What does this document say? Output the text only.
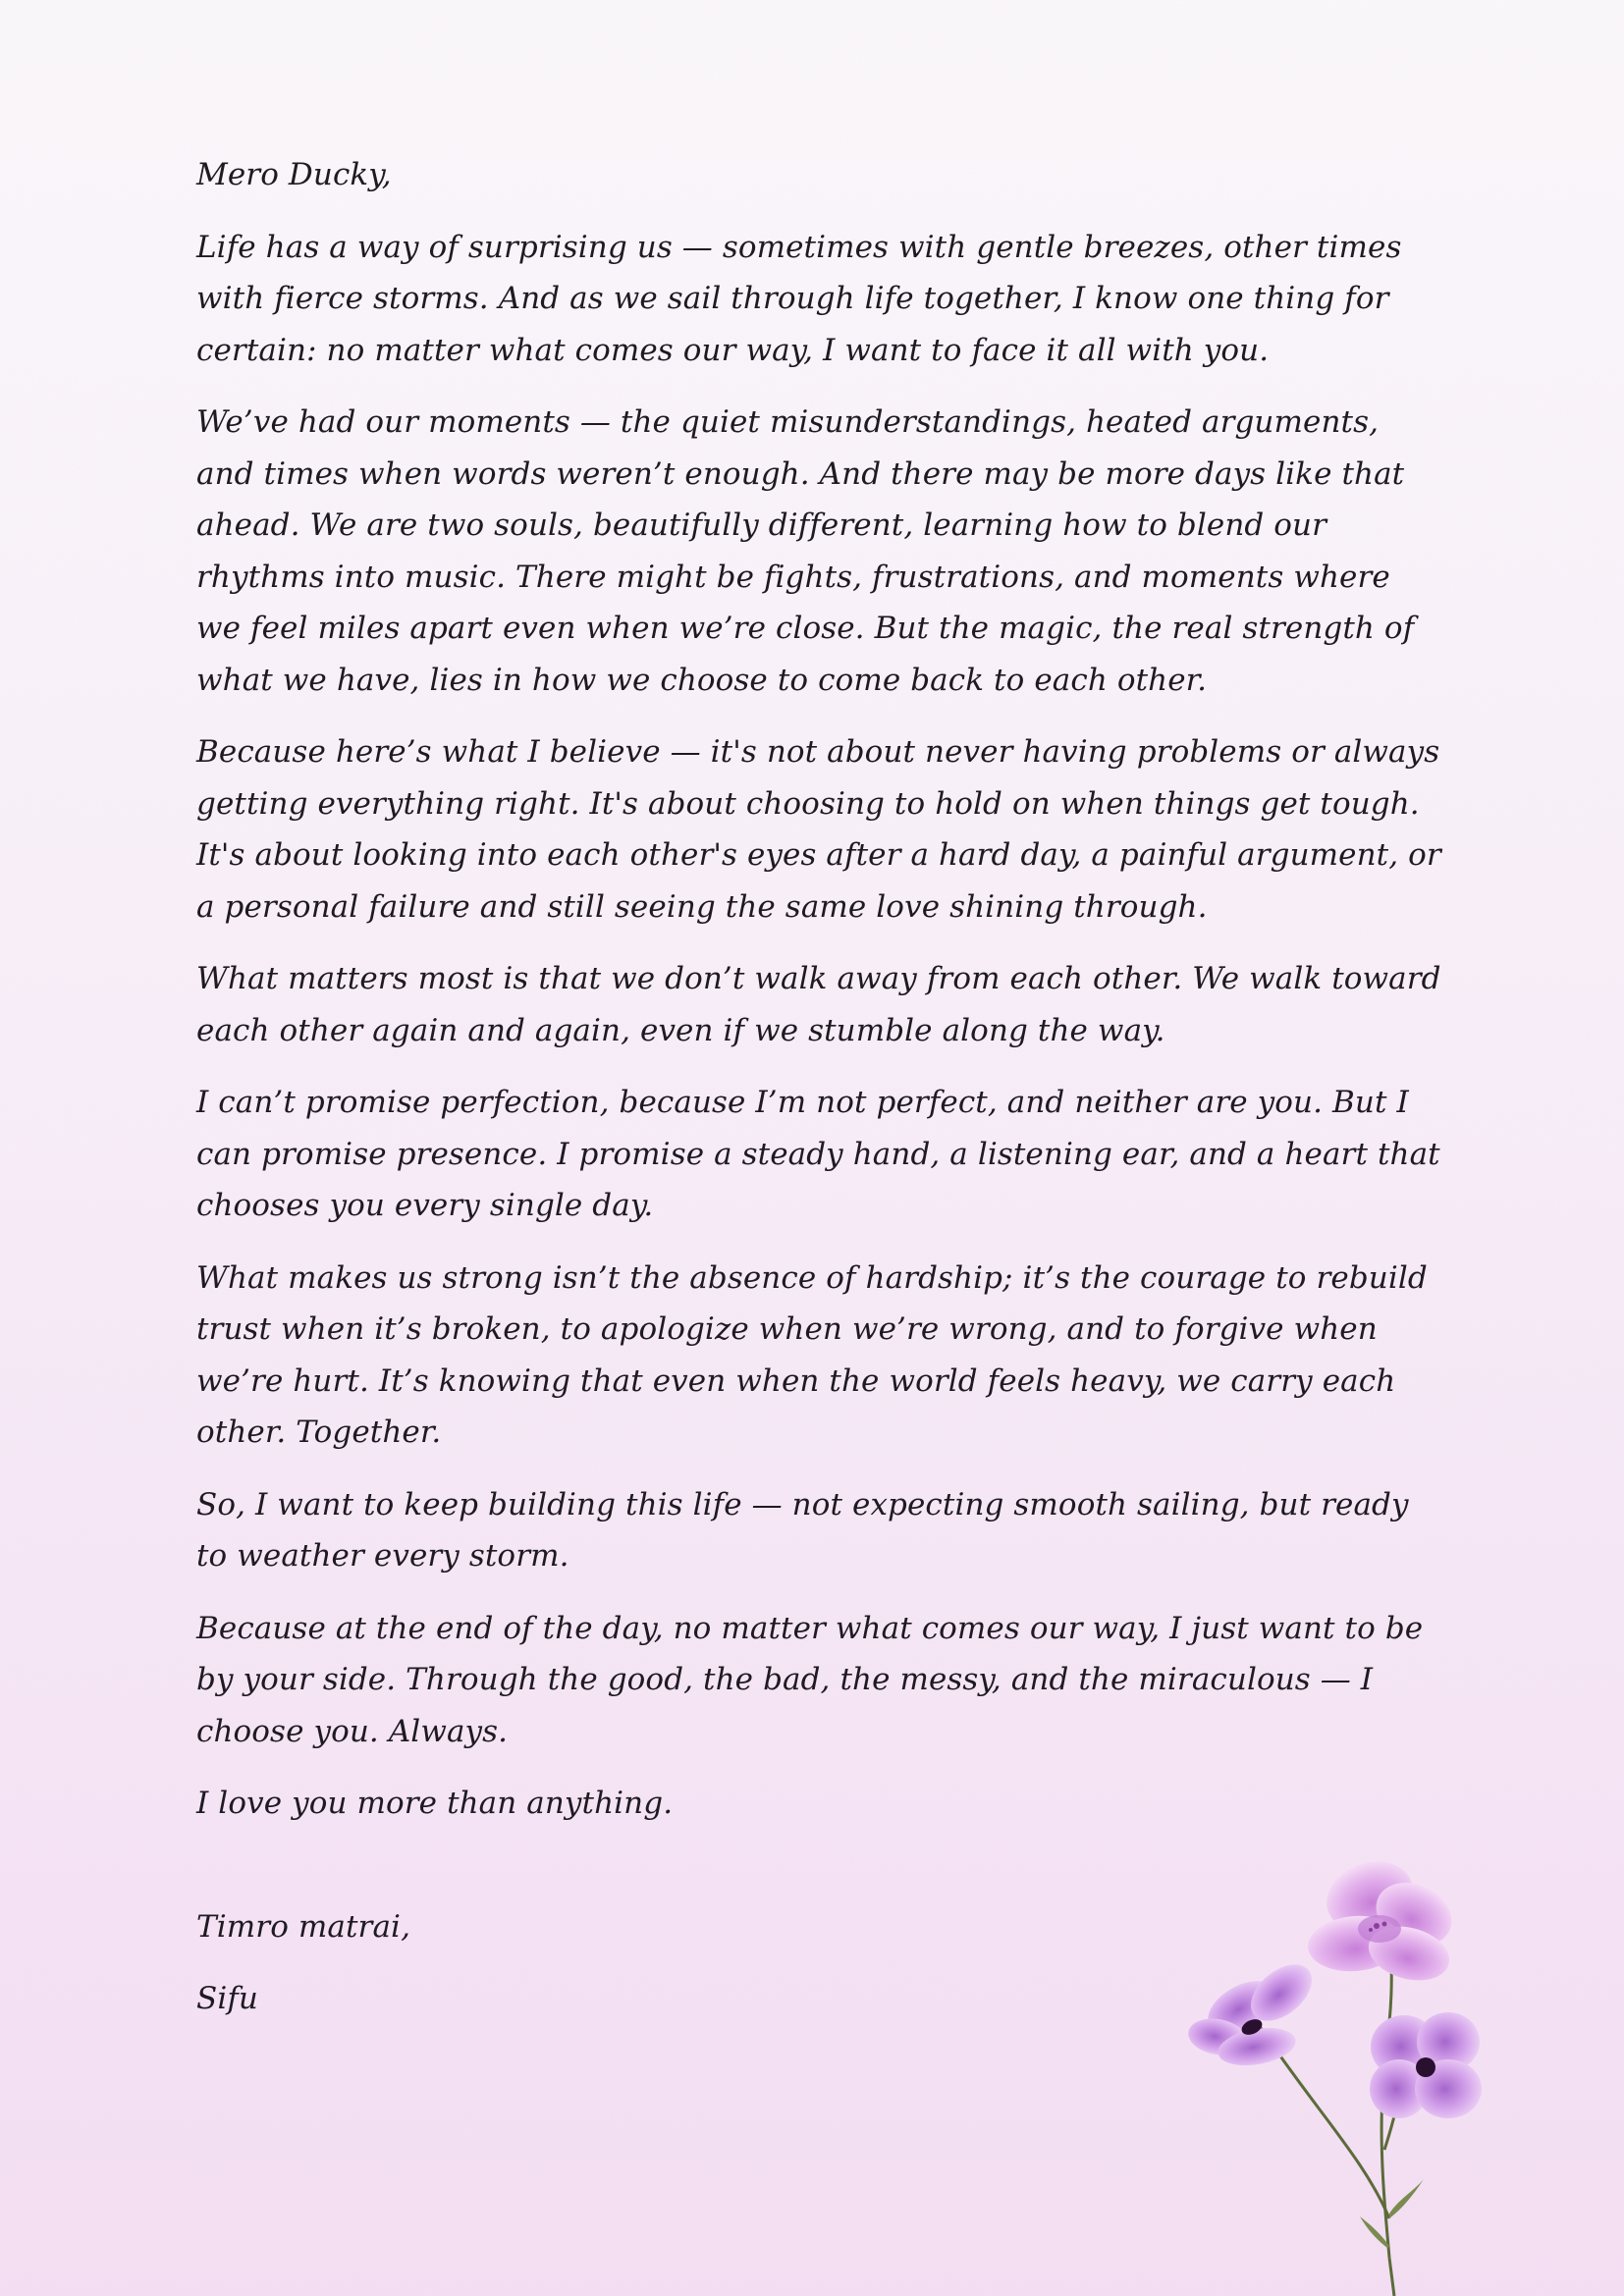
Mero Ducky,

Life has a way of surprising us — sometimes with gentle breezes, other times with fierce storms. And as we sail through life together, I know one thing for certain: no matter what comes our way, I want to face it all with you.

We’ve had our moments — the quiet misunderstandings, heated arguments, and times when words weren’t enough. And there may be more days like that ahead. We are two souls, beautifully different, learning how to blend our rhythms into music. There might be fights, frustrations, and moments where we feel miles apart even when we’re close. But the magic, the real strength of what we have, lies in how we choose to come back to each other.

Because here’s what I believe — it's not about never having problems or always getting everything right. It's about choosing to hold on when things get tough. It's about looking into each other's eyes after a hard day, a painful argument, or a personal failure and still seeing the same love shining through.

What matters most is that we don’t walk away from each other. We walk toward each other again and again, even if we stumble along the way.

I can’t promise perfection, because I’m not perfect, and neither are you. But I can promise presence. I promise a steady hand, a listening ear, and a heart that chooses you every single day.

What makes us strong isn’t the absence of hardship; it’s the courage to rebuild trust when it’s broken, to apologize when we’re wrong, and to forgive when we’re hurt. It’s knowing that even when the world feels heavy, we carry each other. Together.

So, I want to keep building this life — not expecting smooth sailing, but ready to weather every storm.

Because at the end of the day, no matter what comes our way, I just want to be by your side. Through the good, the bad, the messy, and the miraculous — I choose you. Always.

I love you more than anything.

Timro matrai,

Sifu
